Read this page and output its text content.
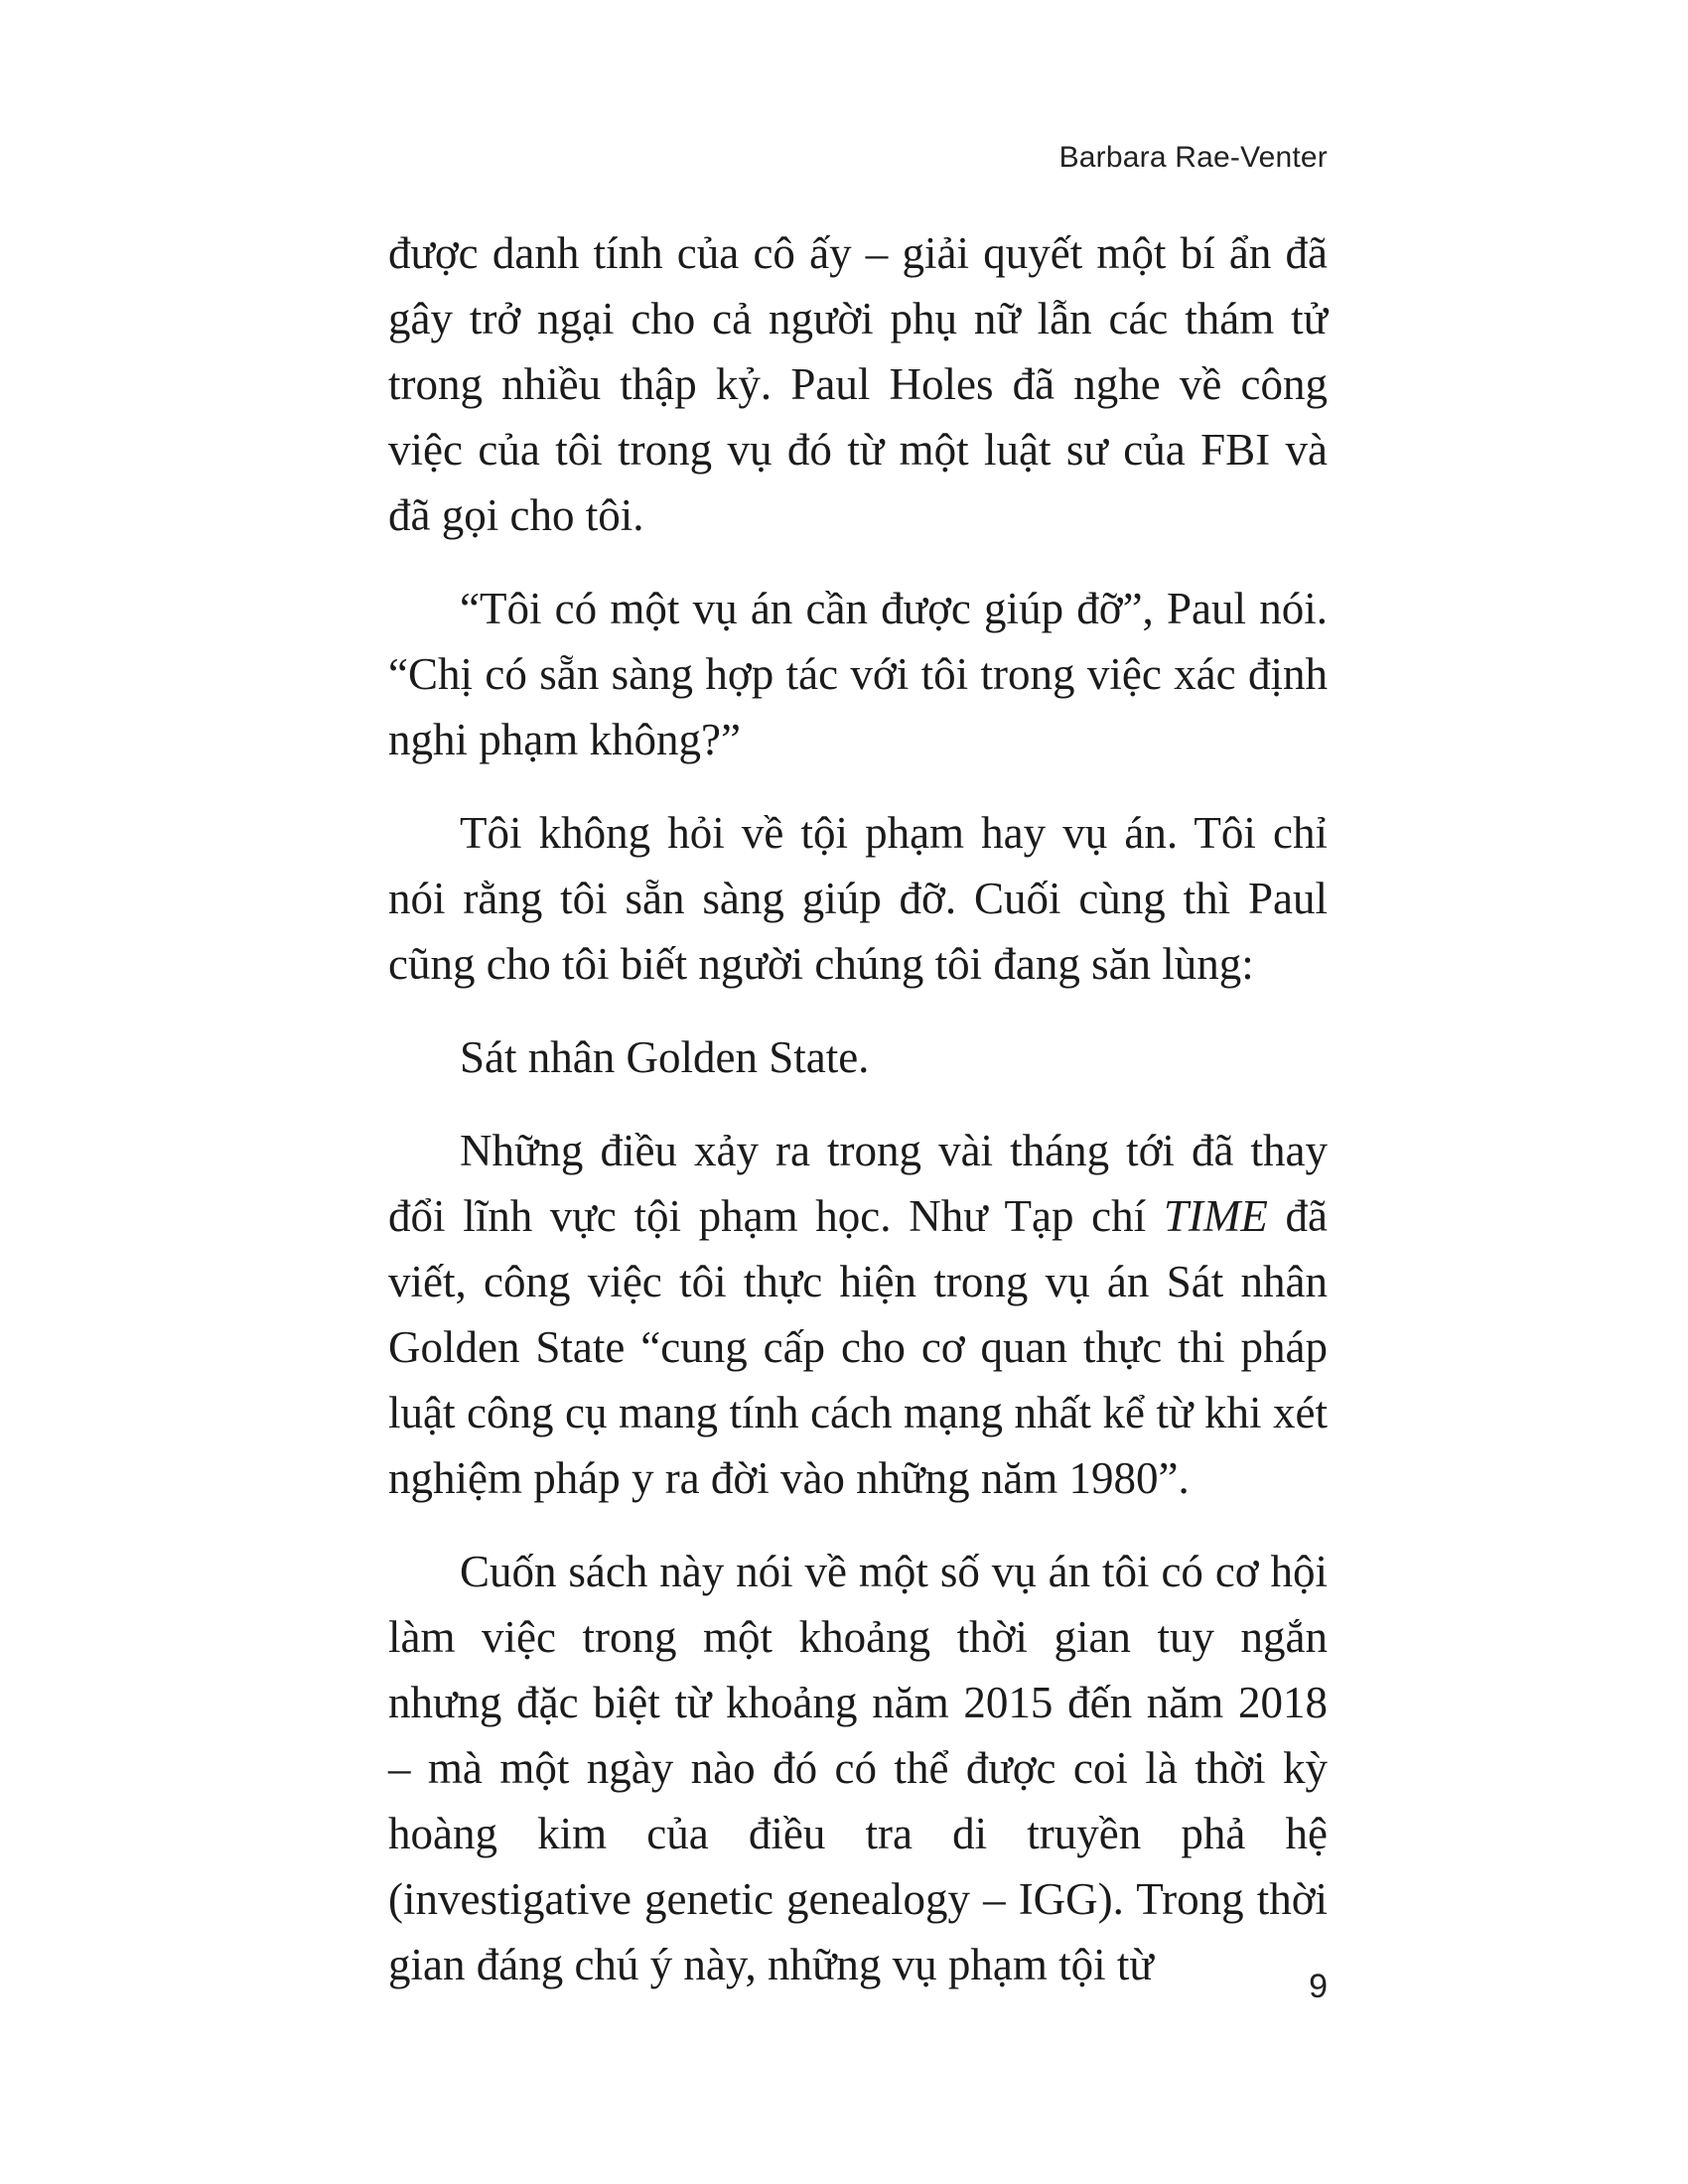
Barbara Rae-Venter

được danh tính của cô ấy – giải quyết một bí ẩn đã gây trở ngại cho cả người phụ nữ lẫn các thám tử trong nhiều thập kỷ. Paul Holes đã nghe về công việc của tôi trong vụ đó từ một luật sư của FBI và đã gọi cho tôi.

“Tôi có một vụ án cần được giúp đỡ”, Paul nói. “Chị có sẵn sàng hợp tác với tôi trong việc xác định nghi phạm không?”

Tôi không hỏi về tội phạm hay vụ án. Tôi chỉ nói rằng tôi sẵn sàng giúp đỡ. Cuối cùng thì Paul cũng cho tôi biết người chúng tôi đang săn lùng:

Sát nhân Golden State.

Những điều xảy ra trong vài tháng tới đã thay đổi lĩnh vực tội phạm học. Như Tạp chí TIME đã viết, công việc tôi thực hiện trong vụ án Sát nhân Golden State “cung cấp cho cơ quan thực thi pháp luật công cụ mang tính cách mạng nhất kể từ khi xét nghiệm pháp y ra đời vào những năm 1980”.

Cuốn sách này nói về một số vụ án tôi có cơ hội làm việc trong một khoảng thời gian tuy ngắn nhưng đặc biệt từ khoảng năm 2015 đến năm 2018 – mà một ngày nào đó có thể được coi là thời kỳ hoàng kim của điều tra di truyền phả hệ (investigative genetic genealogy – IGG). Trong thời gian đáng chú ý này, những vụ phạm tội từ	9
